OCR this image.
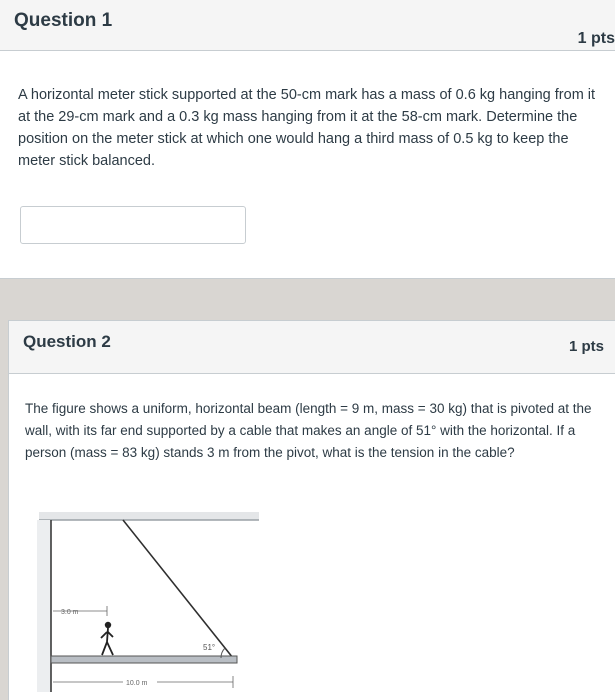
Question 1
1 pts
A horizontal meter stick supported at the 50-cm mark has a mass of 0.6 kg hanging from it at the 29-cm mark and a 0.3 kg mass hanging from it at the 58-cm mark. Determine the position on the meter stick at which one would hang a third mass of 0.5 kg to keep the meter stick balanced.
Question 2	1 pts
The figure shows a uniform, horizontal beam (length = 9 m, mass = 30 kg) that is pivoted at the wall, with its far end supported by a cable that makes an angle of 51° with the horizontal. If a person (mass = 83 kg) stands 3 m from the pivot, what is the tension in the cable?
51°
3.0 m
10.0 m
